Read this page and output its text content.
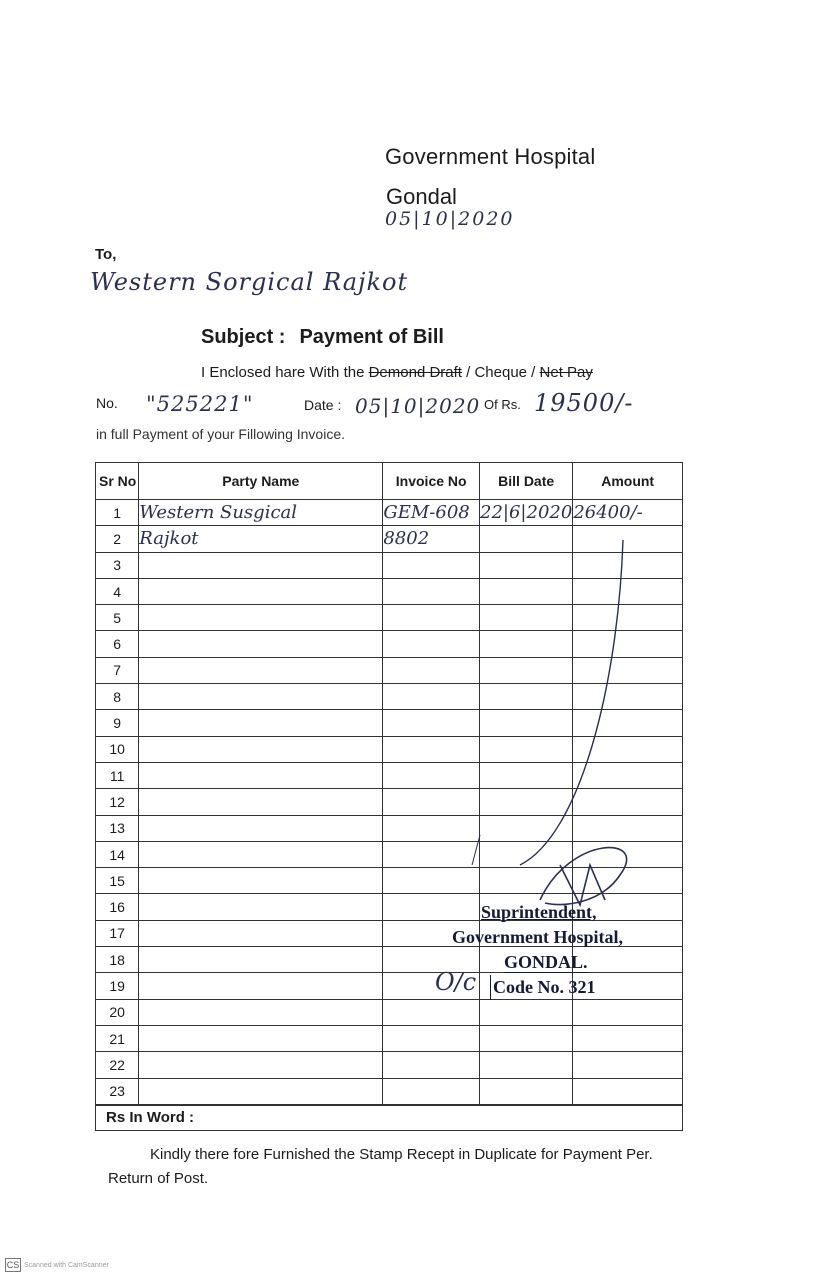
Government Hospital
Gondal
05|10|2020
To,
Western Sorgical Rajkot
Subject : Payment of Bill
I Enclosed hare With the Demond Draft / Cheque / Net Pay
No. "525221"	Date : 05|10|2020 Of Rs. 19500/-
in full Payment of your Fillowing Invoice.
Sr No	Party Name	Invoice No	Bill Date	Amount
1	Western Susgical	GEM-608	22|6|2020	26400/-
2	Rajkot	8802		
3				
4				
5				
6				
7				
8				
9				
10				
11				
12				
13				
14				
15				
16				
17				
18				
19				
20				
21				
22				
23				
Rs In Word :				
Suprintendent,
Government Hospital,
GONDAL.
Code No. 321
O/c
Kindly there fore Furnished the Stamp Recept in Duplicate for Payment Per.
Return of Post.
CS Scanned with CamScanner
